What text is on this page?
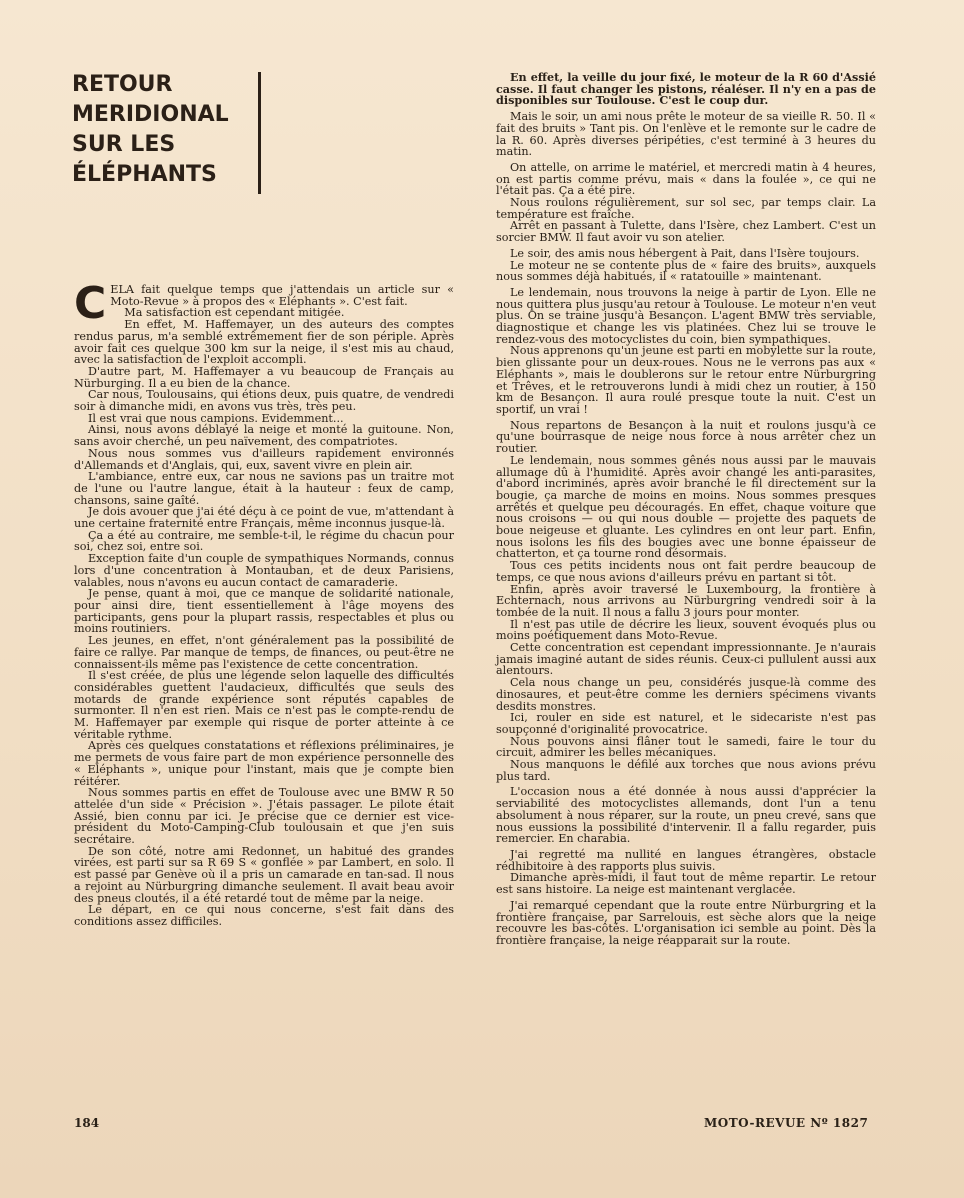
RETOUR
MERIDIONAL
SUR LES
ÉLÉPHANTS

CELA fait quelque temps que j'attendais un article sur « Moto-Revue » à propos des « Eléphants ». C'est fait.

Ma satisfaction est cependant mitigée.

En effet, M. Haffemayer, un des auteurs des comptes rendus parus, m'a semblé extrêmement fier de son périple. Après avoir fait ces quelque 300 km sur la neige, il s'est mis au chaud, avec la satisfaction de l'exploit accompli.

D'autre part, M. Haffemayer a vu beaucoup de Français au Nürburging. Il a eu bien de la chance.

Car nous, Toulousains, qui étions deux, puis quatre, de vendredi soir à dimanche midi, en avons vus très, très peu.

Il est vrai que nous campions. Evidemment...

Ainsi, nous avons déblayé la neige et monté la guitoune. Non, sans avoir cherché, un peu naïvement, des compatriotes.

Nous nous sommes vus d'ailleurs rapidement environnés d'Allemands et d'Anglais, qui, eux, savent vivre en plein air.

L'ambiance, entre eux, car nous ne savions pas un traitre mot de l'une ou l'autre langue, était à la hauteur : feux de camp, chansons, saine gaîté.

Je dois avouer que j'ai été déçu à ce point de vue, m'attendant à une certaine fraternité entre Français, même inconnus jusque-là.

Ça a été au contraire, me semble-t-il, le régime du chacun pour soi, chez soi, entre soi.

Exception faite d'un couple de sympathiques Normands, connus lors d'une concentration à Montauban, et de deux Parisiens, valables, nous n'avons eu aucun contact de camaraderie.

Je pense, quant à moi, que ce manque de solidarité nationale, pour ainsi dire, tient essentiellement à l'âge moyens des participants, gens pour la plupart rassis, respectables et plus ou moins routiniers.

Les jeunes, en effet, n'ont généralement pas la possibilité de faire ce rallye. Par manque de temps, de finances, ou peut-être ne connaissent-ils même pas l'existence de cette concentration.

Il s'est créée, de plus une légende selon laquelle des difficultés considérables guettent l'audacieux, difficultés que seuls des motards de grande expérience sont réputés capables de surmonter. Il n'en est rien. Mais ce n'est pas le compte-rendu de M. Haffemayer par exemple qui risque de porter atteinte à ce véritable rythme.

Après ces quelques constatations et réflexions préliminaires, je me permets de vous faire part de mon expérience personnelle des « Eléphants », unique pour l'instant, mais que je compte bien réitérer.

Nous sommes partis en effet de Toulouse avec une BMW R 50 attelée d'un side « Précision ». J'étais passager. Le pilote était Assié, bien connu par ici. Je précise que ce dernier est vice-président du Moto-Camping-Club toulousain et que j'en suis secrétaire.

De son côté, notre ami Redonnet, un habitué des grandes virées, est parti sur sa R 69 S « gonflée » par Lambert, en solo. Il est passé par Genève où il a pris un camarade en tan-sad. Il nous a rejoint au Nürburgring dimanche seulement. Il avait beau avoir des pneus cloutés, il a été retardé tout de même par la neige.

Le départ, en ce qui nous concerne, s'est fait dans des conditions assez difficiles.

En effet, la veille du jour fixé, le moteur de la R 60 d'Assié casse. Il faut changer les pistons, réaléser. Il n'y en a pas de disponibles sur Toulouse. C'est le coup dur.

Mais le soir, un ami nous prête le moteur de sa vieille R. 50. Il « fait des bruits » Tant pis. On l'enlève et le remonte sur le cadre de la R. 60. Après diverses péripéties, c'est terminé à 3 heures du matin.

On attelle, on arrime le matériel, et mercredi matin à 4 heures, on est partis comme prévu, mais « dans la foulée », ce qui ne l'était pas. Ça a été pire.

Nous roulons régulièrement, sur sol sec, par temps clair. La température est fraîche.

Arrêt en passant à Tulette, dans l'Isère, chez Lambert. C'est un sorcier BMW. Il faut avoir vu son atelier.

Le soir, des amis nous hébergent à Pait, dans l'Isère toujours.

Le moteur ne se contente plus de « faire des bruits», auxquels nous sommes déjà habitués, il « ratatouille » maintenant.

Le lendemain, nous trouvons la neige à partir de Lyon. Elle ne nous quittera plus jusqu'au retour à Toulouse. Le moteur n'en veut plus. On se traine jusqu'à Besançon. L'agent BMW très serviable, diagnostique et change les vis platinées. Chez lui se trouve le rendez-vous des motocyclistes du coin, bien sympathiques.

Nous apprenons qu'un jeune est parti en mobylette sur la route, bien glissante pour un deux-roues. Nous ne le verrons pas aux « Eléphants », mais le doublerons sur le retour entre Nürburgring et Trêves, et le retrouverons lundi à midi chez un routier, à 150 km de Besançon. Il aura roulé presque toute la nuit. C'est un sportif, un vrai !

Nous repartons de Besançon à la nuit et roulons jusqu'à ce qu'une bourrasque de neige nous force à nous arrêter chez un routier.

Le lendemain, nous sommes gênés nous aussi par le mauvais allumage dû à l'humidité. Après avoir changé les anti-parasites, d'abord incriminés, après avoir branché le fil directement sur la bougie, ça marche de moins en moins. Nous sommes presques arrêtés et quelque peu découragés. En effet, chaque voiture que nous croisons — ou qui nous double — projette des paquets de boue neigeuse et gluante. Les cylindres en ont leur part. Enfin, nous isolons les fils des bougies avec une bonne épaisseur de chatterton, et ça tourne rond désormais.

Tous ces petits incidents nous ont fait perdre beaucoup de temps, ce que nous avions d'ailleurs prévu en partant si tôt.

Enfin, après avoir traversé le Luxembourg, la frontière à Echternach, nous arrivons au Nürburgring vendredi soir à la tombée de la nuit. Il nous a fallu 3 jours pour monter.

Il n'est pas utile de décrire les lieux, souvent évoqués plus ou moins poétiquement dans Moto-Revue.

Cette concentration est cependant impressionnante. Je n'aurais jamais imaginé autant de sides réunis. Ceux-ci pullulent aussi aux alentours.

Cela nous change un peu, considérés jusque-là comme des dinosaures, et peut-être comme les derniers spécimens vivants desdits monstres.

Ici, rouler en side est naturel, et le sidecariste n'est pas soupçonné d'originalité provocatrice.

Nous pouvons ainsi flâner tout le samedi, faire le tour du circuit, admirer les belles mécaniques.

Nous manquons le défilé aux torches que nous avions prévu plus tard.

L'occasion nous a été donnée à nous aussi d'apprécier la serviabilité des motocyclistes allemands, dont l'un a tenu absolument à nous réparer, sur la route, un pneu crevé, sans que nous eussions la possibilité d'intervenir. Il a fallu regarder, puis remercier. En charabia.

J'ai regretté ma nullité en langues étrangères, obstacle rédhibitoire à des rapports plus suivis.

Dimanche après-midi, il faut tout de même repartir. Le retour est sans histoire. La neige est maintenant verglacée.

J'ai remarqué cependant que la route entre Nürburgring et la frontière française, par Sarrelouis, est sèche alors que la neige recouvre les bas-côtés. L'organisation ici semble au point. Dès la frontière française, la neige réapparait sur la route.

184	MOTO-REVUE Nº 1827
